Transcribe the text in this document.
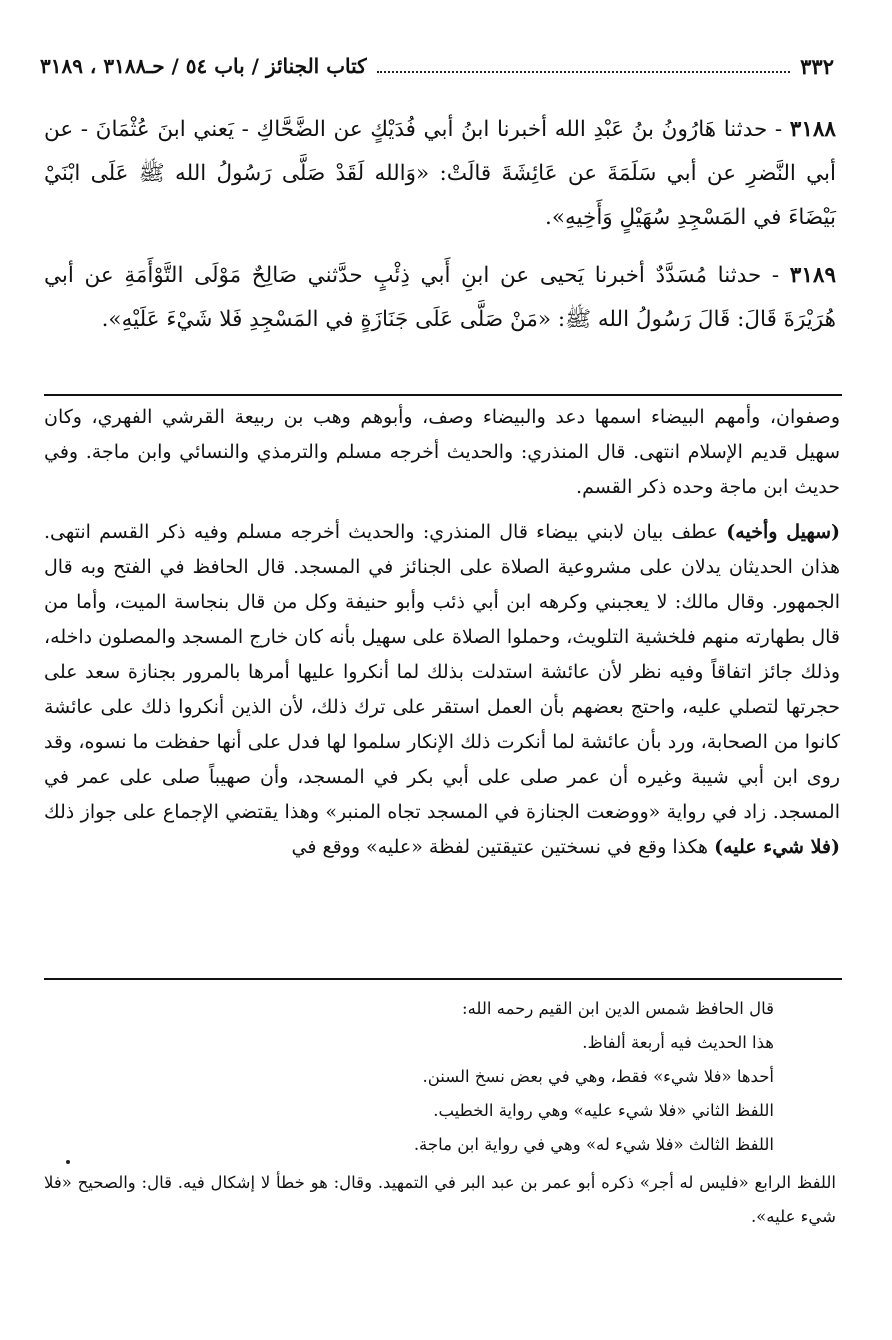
كتاب الجنائز / باب ٥٤ / حـ٣١٨٨ ، ٣١٨٩	٣٣٢

٣١٨٨ - حدثنا هَارُونُ بنُ عَبْدِ الله أخبرنا ابنُ أبي فُدَيْكٍ عن الضَّحَّاكِ - يَعني ابنَ عُثْمَانَ - عن أبي النَّضرِ عن أبي سَلَمَةَ عن عَائِشَةَ قالَتْ: «وَالله لَقَدْ صَلَّى رَسُولُ الله ﷺ عَلَى ابْنَيْ بَيْضَاءَ في المَسْجِدِ سُهَيْلٍ وَأَخِيهِ».

٣١٨٩ - حدثنا مُسَدَّدٌ أخبرنا يَحيى عن ابنِ أَبي ذِئْبٍ حدَّثني صَالِحٌ مَوْلَى التَّوْأَمَةِ عن أبي هُرَيْرَةَ قَالَ: قَالَ رَسُولُ الله ﷺ: «مَنْ صَلَّى عَلَى جَنَازَةٍ في المَسْجِدِ فَلا شَيْءَ عَلَيْهِ».

وصفوان، وأمهم البيضاء اسمها دعد والبيضاء وصف، وأبوهم وهب بن ربيعة القرشي الفهري، وكان سهيل قديم الإسلام انتهى. قال المنذري: والحديث أخرجه مسلم والترمذي والنسائي وابن ماجة. وفي حديث ابن ماجة وحده ذكر القسم.

(سهيل وأخيه) عطف بيان لابني بيضاء قال المنذري: والحديث أخرجه مسلم وفيه ذكر القسم انتهى. هذان الحديثان يدلان على مشروعية الصلاة على الجنائز في المسجد. قال الحافظ في الفتح وبه قال الجمهور. وقال مالك: لا يعجبني وكرهه ابن أبي ذئب وأبو حنيفة وكل من قال بنجاسة الميت، وأما من قال بطهارته منهم فلخشية التلويث، وحملوا الصلاة على سهيل بأنه كان خارج المسجد والمصلون داخله، وذلك جائز اتفاقاً وفيه نظر لأن عائشة استدلت بذلك لما أنكروا عليها أمرها بالمرور بجنازة سعد على حجرتها لتصلي عليه، واحتج بعضهم بأن العمل استقر على ترك ذلك، لأن الذين أنكروا ذلك على عائشة كانوا من الصحابة، ورد بأن عائشة لما أنكرت ذلك الإنكار سلموا لها فدل على أنها حفظت ما نسوه، وقد روى ابن أبي شيبة وغيره أن عمر صلى على أبي بكر في المسجد، وأن صهيباً صلى على عمر في المسجد. زاد في رواية «ووضعت الجنازة في المسجد تجاه المنبر» وهذا يقتضي الإجماع على جواز ذلك (فلا شيء عليه) هكذا وقع في نسختين عتيقتين لفظة «عليه» ووقع في

قال الحافظ شمس الدين ابن القيم رحمه الله:

هذا الحديث فيه أربعة ألفاظ.

أحدها «فلا شيء» فقط، وهي في بعض نسخ السنن.

اللفظ الثاني «فلا شيء عليه» وهي رواية الخطيب.

اللفظ الثالث «فلا شيء له» وهي في رواية ابن ماجة.

اللفظ الرابع «فليس له أجر» ذكره أبو عمر بن عبد البر في التمهيد. وقال: هو خطأ لا إشكال فيه. قال: والصحيح «فلا شيء عليه».
